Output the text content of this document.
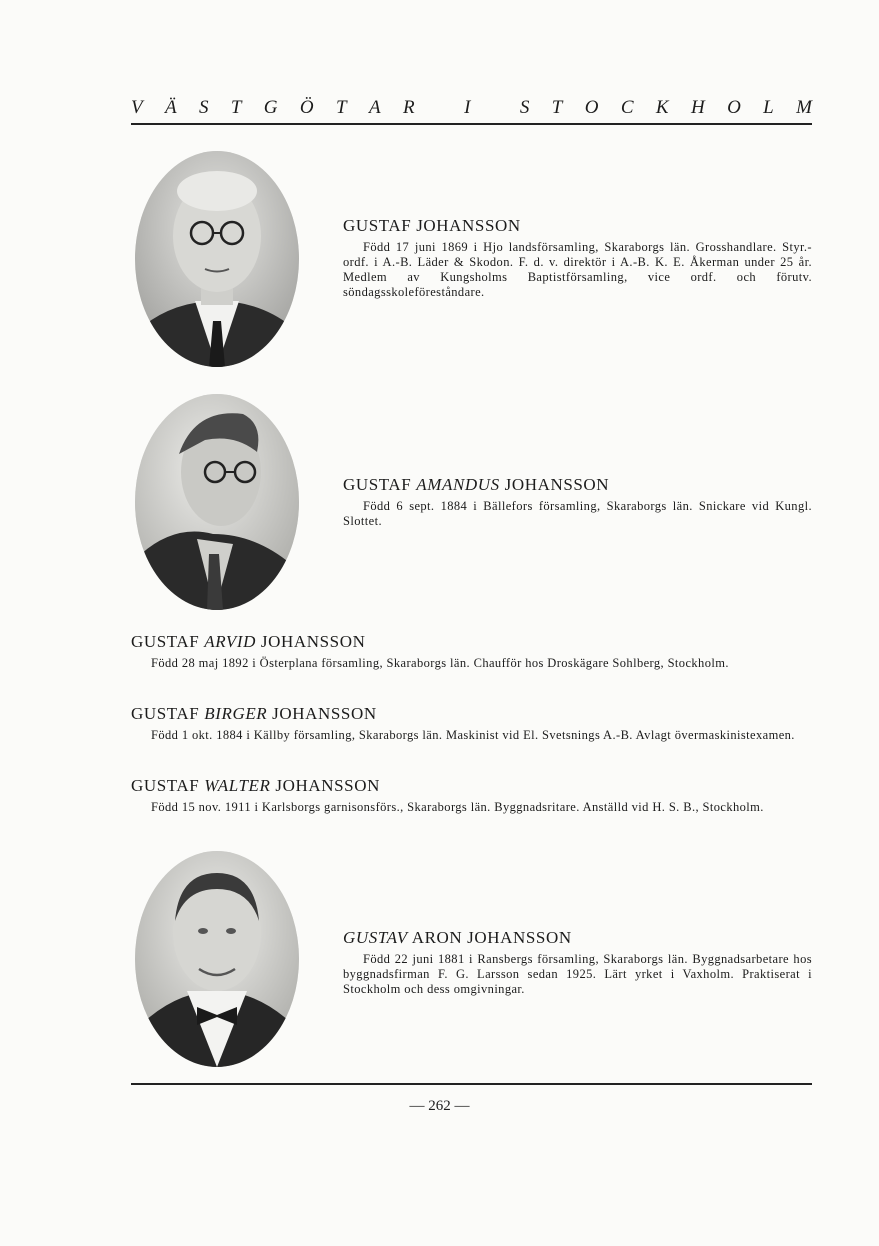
V Ä S T G Ö T A R
	I
	S T O C K H O L M

GUSTAF JOHANSSON

Född 17 juni 1869 i Hjo landsförsamling, Skaraborgs län. Grosshandlare. Styr.-ordf. i A.-B. Läder & Skodon. F. d. v. direktör i A.-B. K. E. Åkerman under 25 år. Medlem av Kungsholms Baptistförsamling, vice ordf. och förutv. söndagsskoleföreståndare.

GUSTAF AMANDUS JOHANSSON

Född 6 sept. 1884 i Bällefors församling, Skaraborgs län. Snickare vid Kungl. Slottet.

GUSTAF ARVID JOHANSSON

Född 28 maj 1892 i Österplana församling, Skaraborgs län. Chaufför hos Droskägare Sohlberg, Stockholm.

GUSTAF BIRGER JOHANSSON

Född 1 okt. 1884 i Källby församling, Skaraborgs län. Maskinist vid El. Svetsnings A.-B. Avlagt övermaskinistexamen.

GUSTAF WALTER JOHANSSON

Född 15 nov. 1911 i Karlsborgs garnisonsförs., Skaraborgs län. Byggnadsritare. Anställd vid H. S. B., Stockholm.

GUSTAV ARON JOHANSSON

Född 22 juni 1881 i Ransbergs församling, Skaraborgs län. Byggnadsarbetare hos byggnadsfirman F. G. Larsson sedan 1925. Lärt yrket i Vaxholm. Praktiserat i Stockholm och dess omgivningar.

— 262 —
